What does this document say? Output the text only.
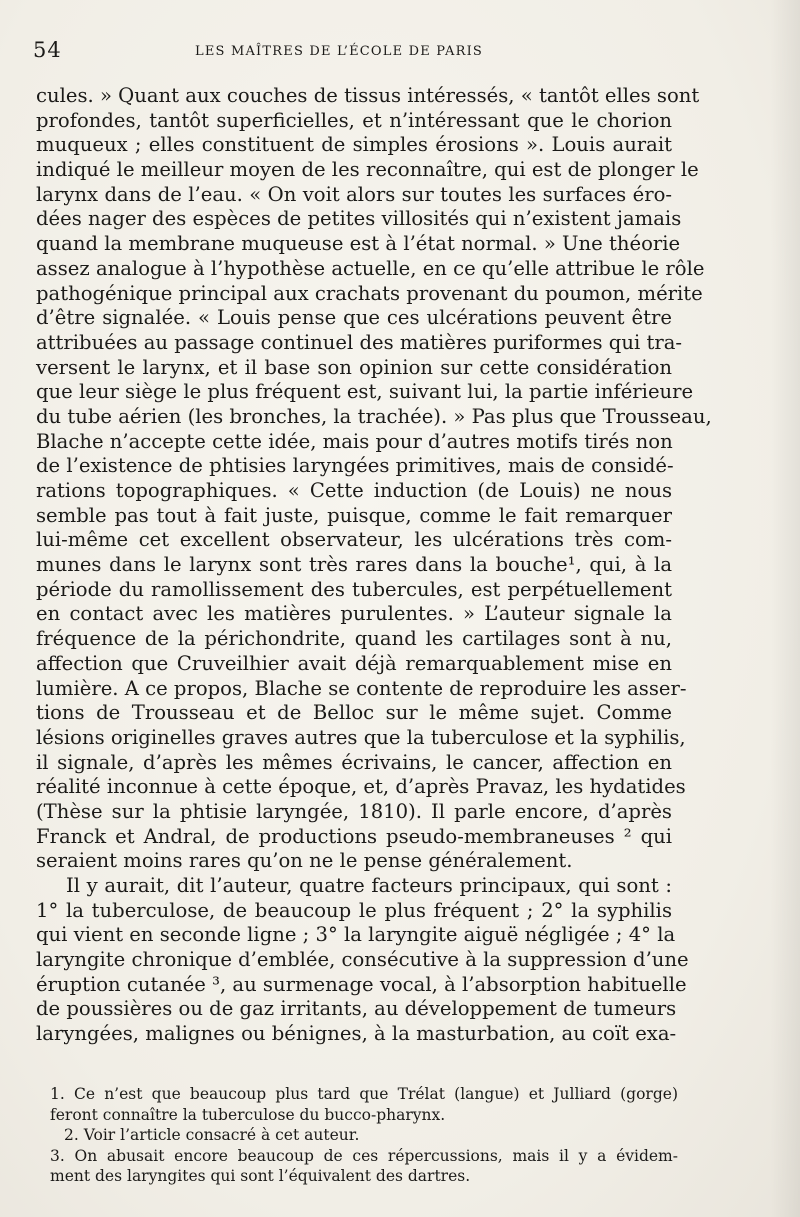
54	LES MAÎTRES DE L’ÉCOLE DE PARIS
cules. » Quant aux couches de tissus intéressés, « tantôt elles sont
profondes, tantôt superficielles, et n’intéressant que le chorion
muqueux ; elles constituent de simples érosions ». Louis aurait
indiqué le meilleur moyen de les reconnaître, qui est de plonger le
larynx dans de l’eau. « On voit alors sur toutes les surfaces éro-
dées nager des espèces de petites villosités qui n’existent jamais
quand la membrane muqueuse est à l’état normal. » Une théorie
assez analogue à l’hypothèse actuelle, en ce qu’elle attribue le rôle
pathogénique principal aux crachats provenant du poumon, mérite
d’être signalée. « Louis pense que ces ulcérations peuvent être
attribuées au passage continuel des matières puriformes qui tra-
versent le larynx, et il base son opinion sur cette considération
que leur siège le plus fréquent est, suivant lui, la partie inférieure
du tube aérien (les bronches, la trachée). » Pas plus que Trousseau,
Blache n’accepte cette idée, mais pour d’autres motifs tirés non
de l’existence de phtisies laryngées primitives, mais de considé-
rations topographiques. « Cette induction (de Louis) ne nous
semble pas tout à fait juste, puisque, comme le fait remarquer
lui-même cet excellent observateur, les ulcérations très com-
munes dans le larynx sont très rares dans la bouche¹, qui, à la
période du ramollissement des tubercules, est perpétuellement
en contact avec les matières purulentes. » L’auteur signale la
fréquence de la périchondrite, quand les cartilages sont à nu,
affection que Cruveilhier avait déjà remarquablement mise en
lumière. A ce propos, Blache se contente de reproduire les asser-
tions de Trousseau et de Belloc sur le même sujet. Comme
lésions originelles graves autres que la tuberculose et la syphilis,
il signale, d’après les mêmes écrivains, le cancer, affection en
réalité inconnue à cette époque, et, d’après Pravaz, les hydatides
(Thèse sur la phtisie laryngée, 1810). Il parle encore, d’après
Franck et Andral, de productions pseudo-membraneuses ² qui
seraient moins rares qu’on ne le pense généralement.
Il y aurait, dit l’auteur, quatre facteurs principaux, qui sont :
1° la tuberculose, de beaucoup le plus fréquent ; 2° la syphilis
qui vient en seconde ligne ; 3° la laryngite aiguë négligée ; 4° la
laryngite chronique d’emblée, consécutive à la suppression d’une
éruption cutanée ³, au surmenage vocal, à l’absorption habituelle
de poussières ou de gaz irritants, au développement de tumeurs
laryngées, malignes ou bénignes, à la masturbation, au coït exa-
1. Ce n’est que beaucoup plus tard que Trélat (langue) et Julliard (gorge)
feront connaître la tuberculose du bucco-pharynx.
2. Voir l’article consacré à cet auteur.
3. On abusait encore beaucoup de ces répercussions, mais il y a évidem-
ment des laryngites qui sont l’équivalent des dartres.
